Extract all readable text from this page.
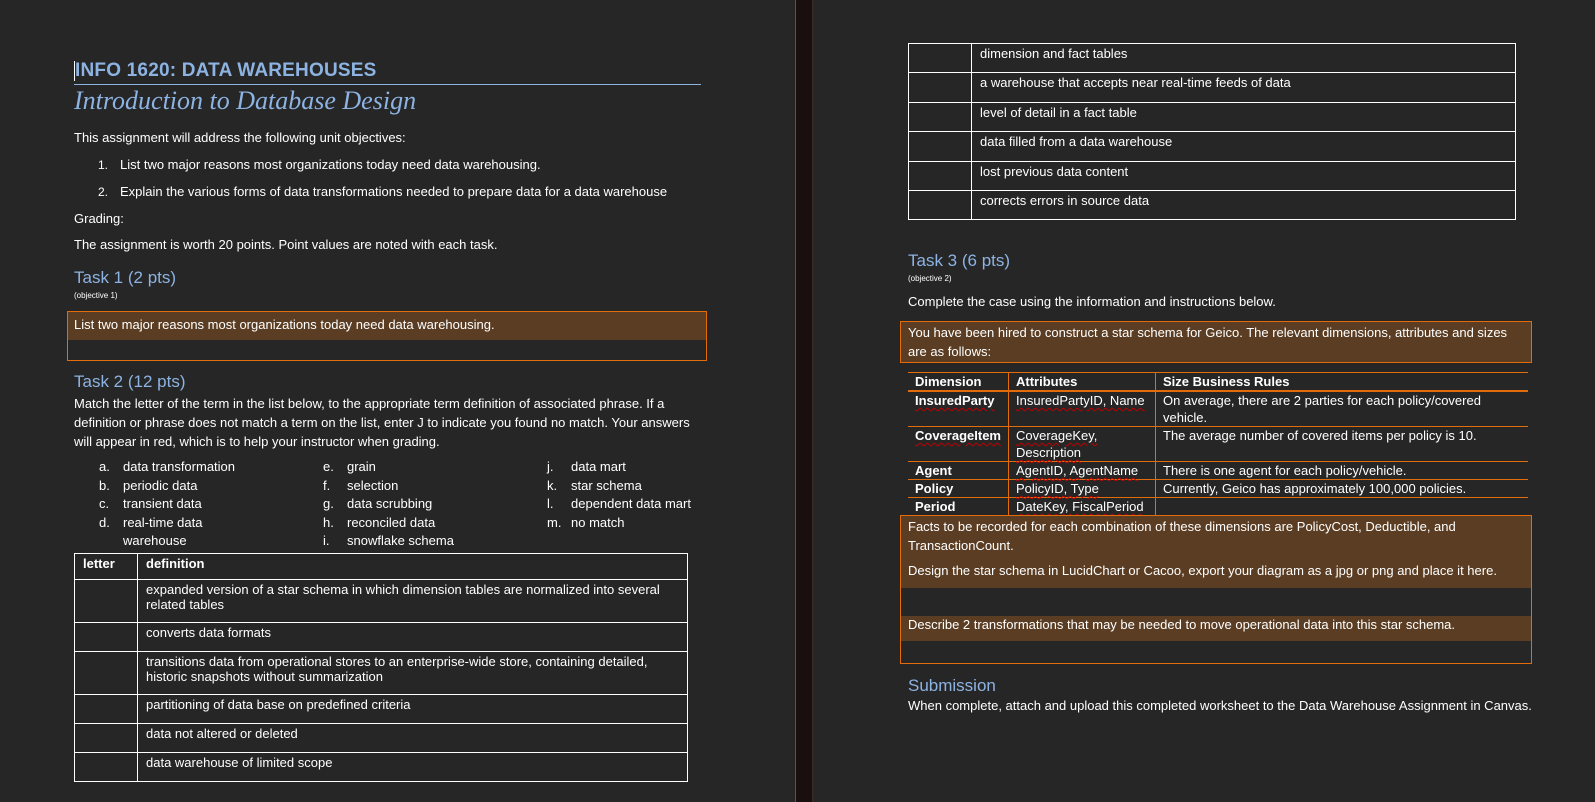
INFO 1620: DATA WAREHOUSES
Introduction to Database Design
This assignment will address the following unit objectives:
1. List two major reasons most organizations today need data warehousing.
2. Explain the various forms of data transformations needed to prepare data for a data warehouse
Grading:
The assignment is worth 20 points. Point values are noted with each task.
Task 1 (2 pts)
(objective 1)
List two major reasons most organizations today need data warehousing.
Task 2 (12 pts)
Match the letter of the term in the list below, to the appropriate term definition of associated phrase. If a definition or phrase does not match a term on the list, enter J to indicate you found no match. Your answers will appear in red, which is to help your instructor when grading.
a. data transformation
b. periodic data
c. transient data
d. real-time data
warehouse
e. grain
f. selection
g. data scrubbing
h. reconciled data
i. snowflake schema
j. data mart
k. star schema
l. dependent data mart
m. no match
letter	definition
	expanded version of a star schema in which dimension tables are normalized into several related tables
	converts data formats
	transitions data from operational stores to an enterprise-wide store, containing detailed, historic snapshots without summarization
	partitioning of data base on predefined criteria
	data not altered or deleted
	data warehouse of limited scope
	dimension and fact tables
	a warehouse that accepts near real-time feeds of data
	level of detail in a fact table
	data filled from a data warehouse
	lost previous data content
	corrects errors in source data
Task 3 (6 pts)
(objective 2)
Complete the case using the information and instructions below.
You have been hired to construct a star schema for Geico. The relevant dimensions, attributes and sizes are as follows:
Dimension	Attributes	Size Business Rules
InsuredParty	InsuredPartyID, Name	On average, there are 2 parties for each policy/covered vehicle.
CoverageItem	CoverageKey, Description	The average number of covered items per policy is 10.
Agent	AgentID, AgentName	There is one agent for each policy/vehicle.
Policy	PolicyID, Type	Currently, Geico has approximately 100,000 policies.
Period	DateKey, FiscalPeriod	
Facts to be recorded for each combination of these dimensions are PolicyCost, Deductible, and TransactionCount.
Design the star schema in LucidChart or Cacoo, export your diagram as a jpg or png and place it here.
Describe 2 transformations that may be needed to move operational data into this star schema.
Submission
When complete, attach and upload this completed worksheet to the Data Warehouse Assignment in Canvas.
